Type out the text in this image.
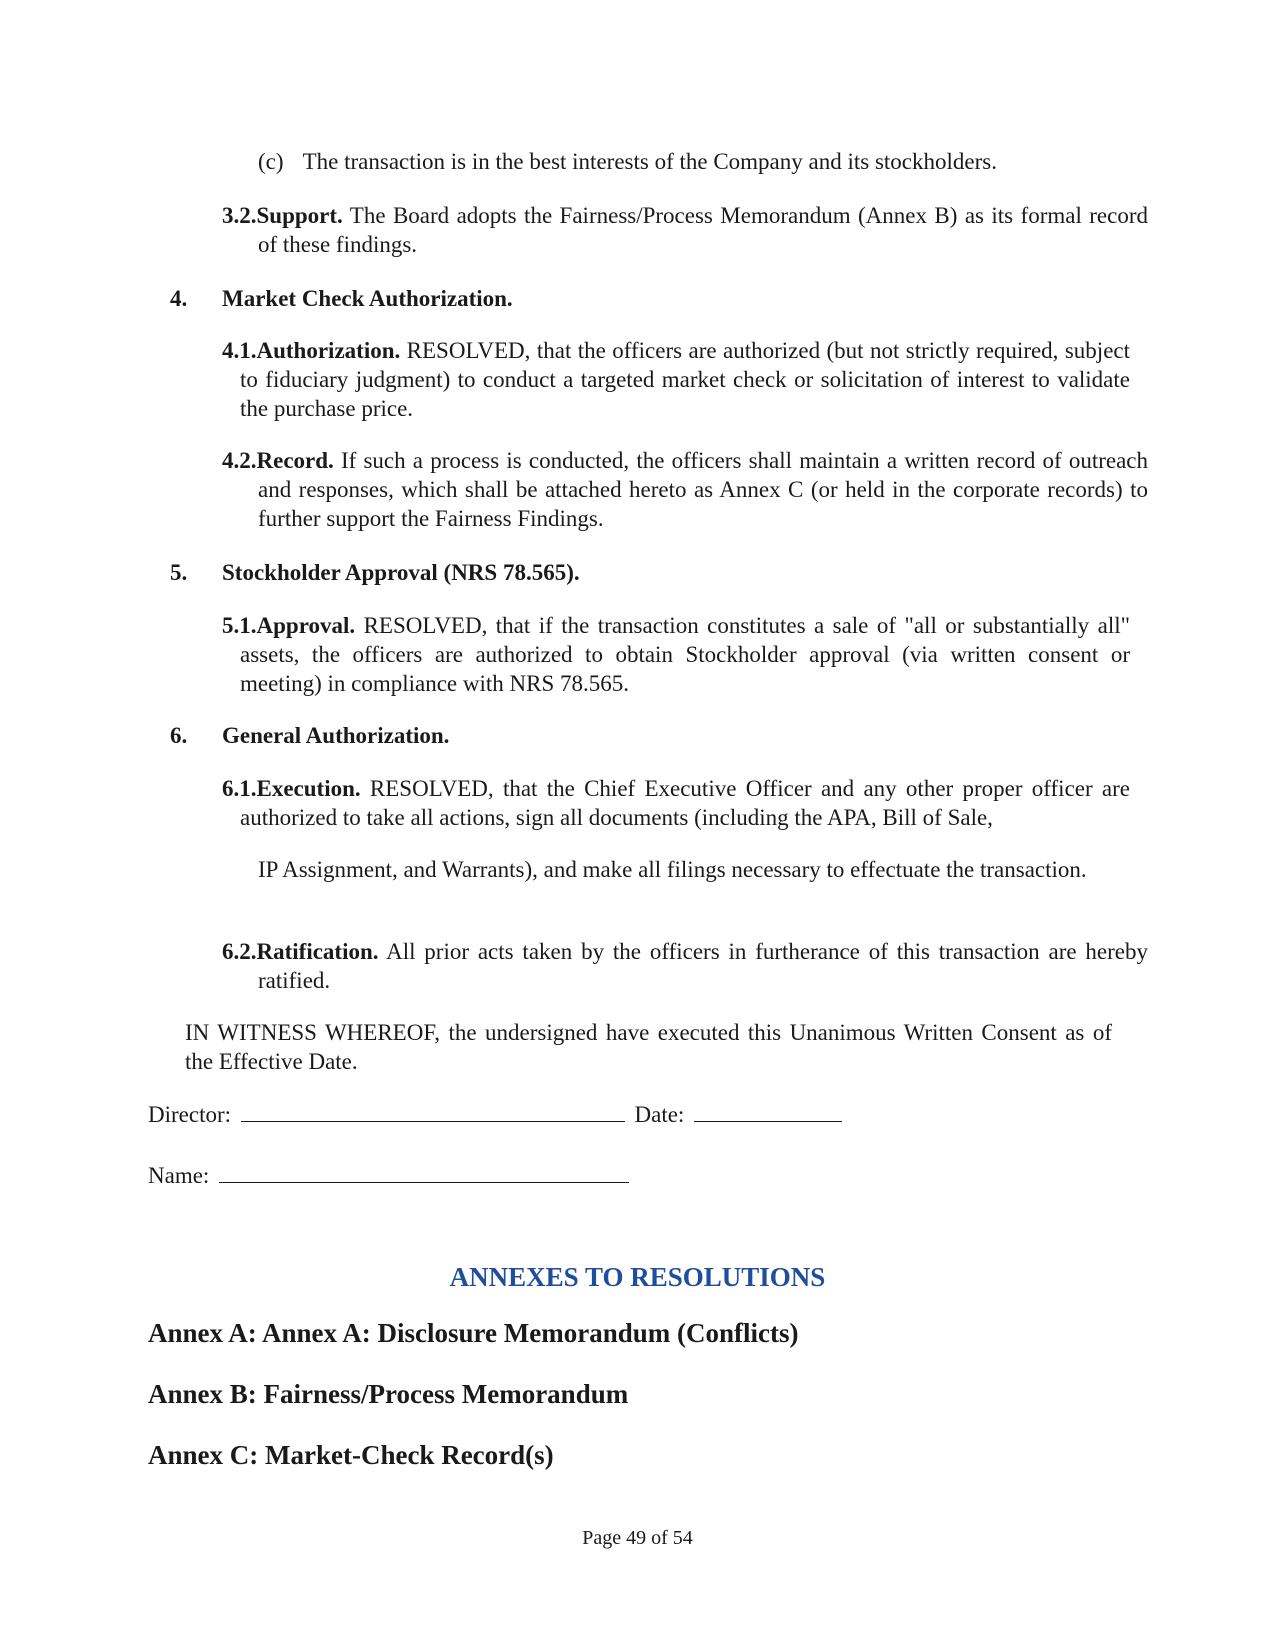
(c) The transaction is in the best interests of the Company and its stockholders.

3.2.Support. The Board adopts the Fairness/Process Memorandum (Annex B) as its formal record of these findings.

4. Market Check Authorization.

4.1.Authorization. RESOLVED, that the officers are authorized (but not strictly required, subject to fiduciary judgment) to conduct a targeted market check or solicitation of interest to validate the purchase price.

4.2.Record. If such a process is conducted, the officers shall maintain a written record of outreach and responses, which shall be attached hereto as Annex C (or held in the corporate records) to further support the Fairness Findings.

5. Stockholder Approval (NRS 78.565).

5.1.Approval. RESOLVED, that if the transaction constitutes a sale of "all or substantially all" assets, the officers are authorized to obtain Stockholder approval (via written consent or meeting) in compliance with NRS 78.565.

6. General Authorization.

6.1.Execution. RESOLVED, that the Chief Executive Officer and any other proper officer are authorized to take all actions, sign all documents (including the APA, Bill of Sale,

IP Assignment, and Warrants), and make all filings necessary to effectuate the transaction.

6.2.Ratification. All prior acts taken by the officers in furtherance of this transaction are hereby ratified.

IN WITNESS WHEREOF, the undersigned have executed this Unanimous Written Consent as of the Effective Date.

Director:	Date:
Name:
ANNEXES TO RESOLUTIONS
Annex A: Annex A: Disclosure Memorandum (Conflicts)
Annex B: Fairness/Process Memorandum
Annex C: Market-Check Record(s)
Page 49 of 54
